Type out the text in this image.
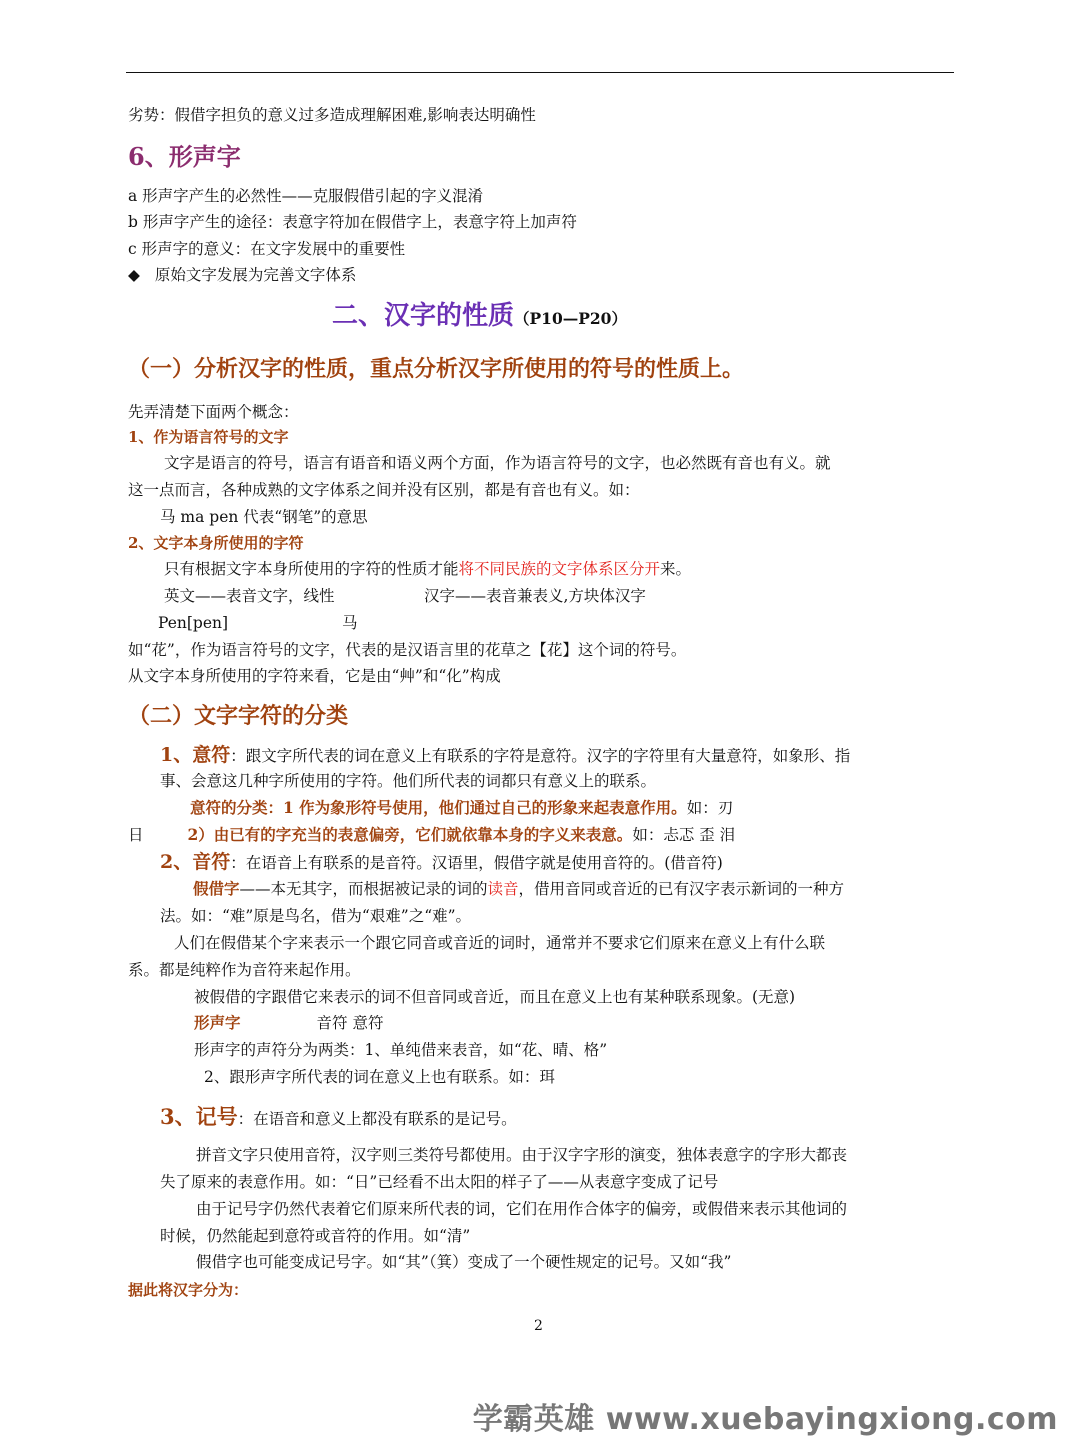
劣势：假借字担负的意义过多造成理解困难,影响表达明确性
6、形声字
a 形声字产生的必然性——克服假借引起的字义混淆
b 形声字产生的途径：表意字符加在假借字上，表意字符上加声符
c 形声字的意义：在文字发展中的重要性
◆ 原始文字发展为完善文字体系
二、汉字的性质（P10—P20）
（一）分析汉字的性质，重点分析汉字所使用的符号的性质上。
先弄清楚下面两个概念：
1、作为语言符号的文字
文字是语言的符号，语言有语音和语义两个方面，作为语言符号的文字，也必然既有音也有义。就
这一点而言，各种成熟的文字体系之间并没有区别，都是有音也有义。如：
马 ma pen 代表“钢笔”的意思
2、文字本身所使用的字符
只有根据文字本身所使用的字符的性质才能将不同民族的文字体系区分开来。
英文——表音文字，线性	汉字——表音兼表义,方块体汉字
Pen[pen]	马
如“花”，作为语言符号的文字，代表的是汉语言里的花草之【花】这个词的符号。
从文字本身所使用的字符来看，它是由“艸”和“化”构成
（二）文字字符的分类
1、意符：跟文字所代表的词在意义上有联系的字符是意符。汉字的字符里有大量意符，如象形、指
事、会意这几种字所使用的字符。他们所代表的词都只有意义上的联系。
意符的分类：1 作为象形符号使用，他们通过自己的形象来起表意作用。如：刃
日	2）由已有的字充当的表意偏旁，它们就依靠本身的字义来表意。如：忐忑 歪 泪
2、音符：在语音上有联系的是音符。汉语里，假借字就是使用音符的。(借音符)
假借字——本无其字，而根据被记录的词的读音，借用音同或音近的已有汉字表示新词的一种方
法。如：“难”原是鸟名，借为“艰难”之“难”。
人们在假借某个字来表示一个跟它同音或音近的词时，通常并不要求它们原来在意义上有什么联
系。都是纯粹作为音符来起作用。
被假借的字跟借它来表示的词不但音同或音近，而且在意义上也有某种联系现象。(无意)
形声字	音符 意符
形声字的声符分为两类：1、单纯借来表音，如“花、晴、格”
2、跟形声字所代表的词在意义上也有联系。如：珥
3、记号：在语音和意义上都没有联系的是记号。
拼音文字只使用音符，汉字则三类符号都使用。由于汉字字形的演变，独体表意字的字形大都丧
失了原来的表意作用。如：“日”已经看不出太阳的样子了——从表意字变成了记号
由于记号字仍然代表着它们原来所代表的词，它们在用作合体字的偏旁，或假借来表示其他词的
时候，仍然能起到意符或音符的作用。如“清”
假借字也可能变成记号字。如“其”（箕）变成了一个硬性规定的记号。又如“我”
据此将汉字分为：
2
学霸英雄 www.xuebayingxiong.com
